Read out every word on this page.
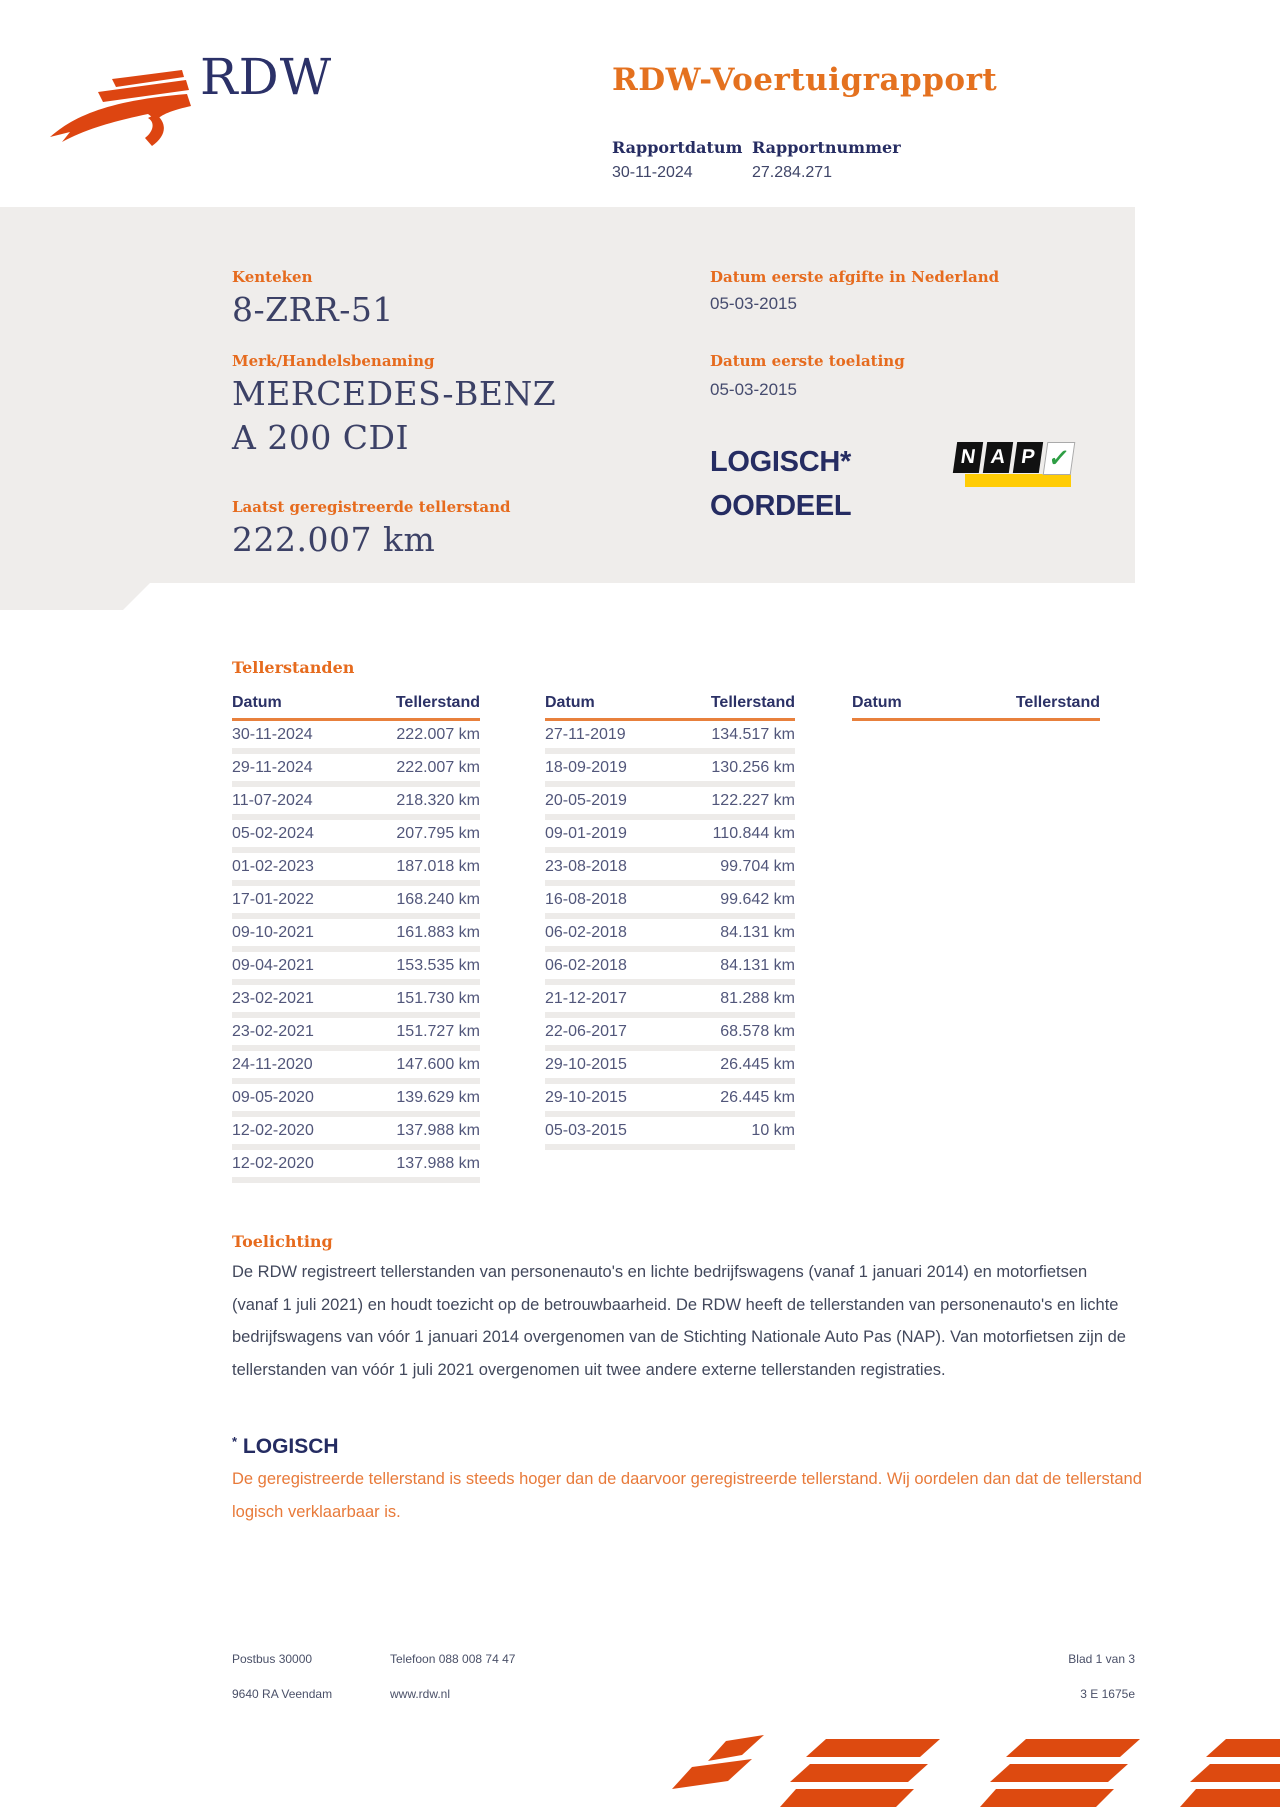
RDW	RDW-Voertuigrapport
Rapportdatum Rapportnummer
30-11-2024	27.284.271
Kenteken
8-ZRR-51
Merk/Handelsbenaming
MERCEDES-BENZ A 200 CDI
Laatst geregistreerde tellerstand
222.007 km
Datum eerste afgifte in Nederland
05-03-2015
Datum eerste toelating
05-03-2015
LOGISCH*
OORDEEL
N A P ✓
Tellerstanden
Datum	Tellerstand
30-11-2024	222.007 km
29-11-2024	222.007 km
11-07-2024	218.320 km
05-02-2024	207.795 km
01-02-2023	187.018 km
17-01-2022	168.240 km
09-10-2021	161.883 km
09-04-2021	153.535 km
23-02-2021	151.730 km
23-02-2021	151.727 km
24-11-2020	147.600 km
09-05-2020	139.629 km
12-02-2020	137.988 km
12-02-2020	137.988 km
Datum	Tellerstand
27-11-2019	134.517 km
18-09-2019	130.256 km
20-05-2019	122.227 km
09-01-2019	110.844 km
23-08-2018	99.704 km
16-08-2018	99.642 km
06-02-2018	84.131 km
06-02-2018	84.131 km
21-12-2017	81.288 km
22-06-2017	68.578 km
29-10-2015	26.445 km
29-10-2015	26.445 km
05-03-2015	10 km
Datum	Tellerstand
Toelichting
De RDW registreert tellerstanden van personenauto's en lichte bedrijfswagens (vanaf 1 januari 2014) en motorfietsen (vanaf 1 juli 2021) en houdt toezicht op de betrouwbaarheid. De RDW heeft de tellerstanden van personenauto's en lichte bedrijfswagens van vóór 1 januari 2014 overgenomen van de Stichting Nationale Auto Pas (NAP). Van motorfietsen zijn de tellerstanden van vóór 1 juli 2021 overgenomen uit twee andere externe tellerstanden registraties.
* LOGISCH
De geregistreerde tellerstand is steeds hoger dan de daarvoor geregistreerde tellerstand. Wij oordelen dan dat de tellerstand logisch verklaarbaar is.
Postbus 30000
9640 RA Veendam
Telefoon 088 008 74 47
www.rdw.nl
Blad 1 van 3
3 E 1675e
